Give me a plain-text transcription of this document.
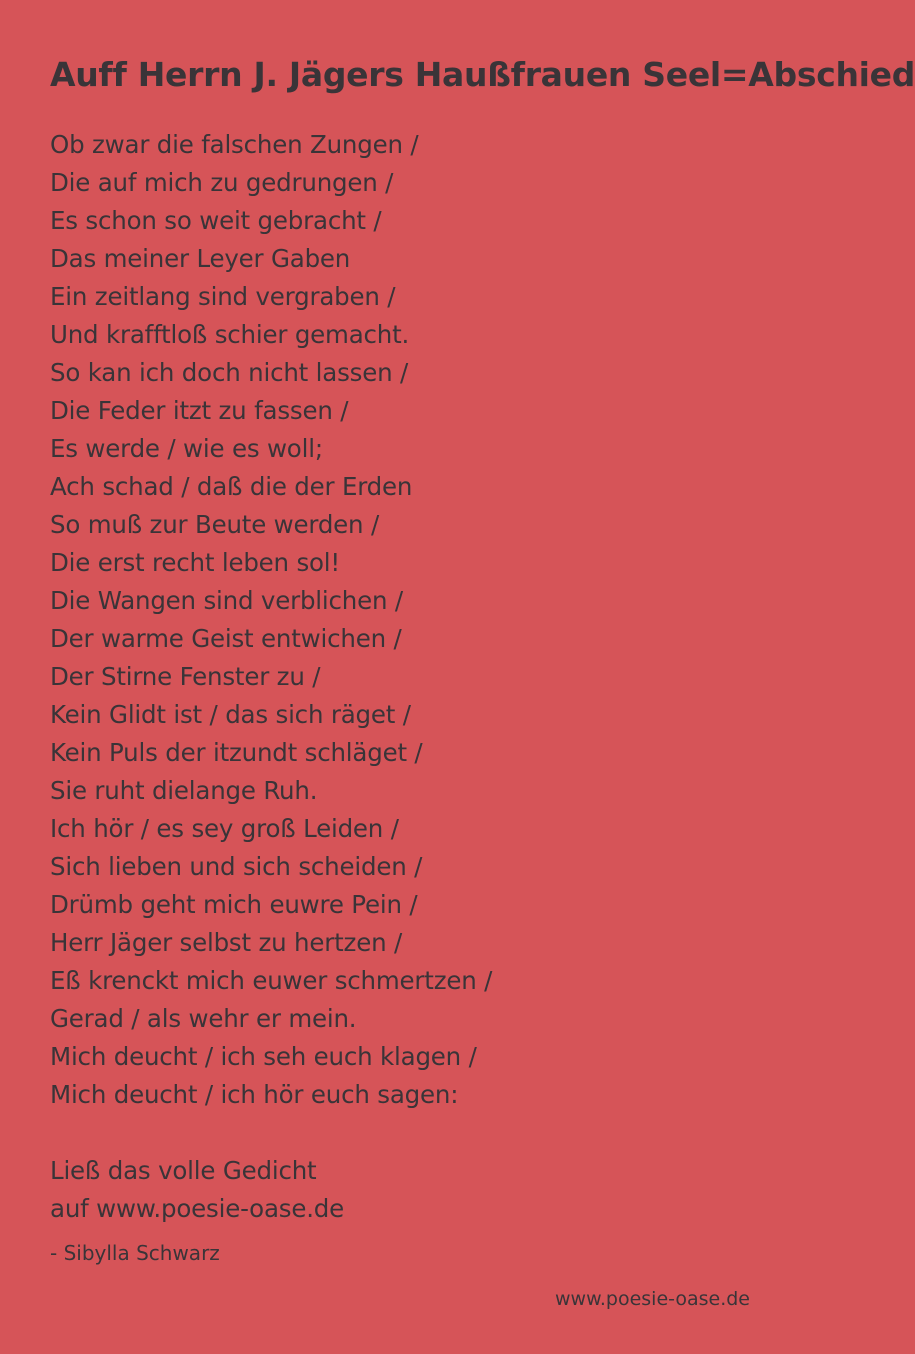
Auff Herrn J. Jägers Haußfrauen Seel=Abschied
Ob zwar die falschen Zungen /
Die auf mich zu gedrungen /
Es schon so weit gebracht /
Das meiner Leyer Gaben
Ein zeitlang sind vergraben /
Und krafftloß schier gemacht.
So kan ich doch nicht lassen /
Die Feder itzt zu fassen /
Es werde / wie es woll;
Ach schad / daß die der Erden
So muß zur Beute werden /
Die erst recht leben sol!
Die Wangen sind verblichen /
Der warme Geist entwichen /
Der Stirne Fenster zu /
Kein Glidt ist / das sich räget /
Kein Puls der itzundt schläget /
Sie ruht dielange Ruh.
Ich hör / es sey groß Leiden /
Sich lieben und sich scheiden /
Drümb geht mich euwre Pein /
Herr Jäger selbst zu hertzen /
Eß krenckt mich euwer schmertzen /
Gerad / als wehr er mein.
Mich deucht / ich seh euch klagen /
Mich deucht / ich hör euch sagen:
Ließ das volle Gedicht
auf www.poesie-oase.de
- Sibylla Schwarz
www.poesie-oase.de
